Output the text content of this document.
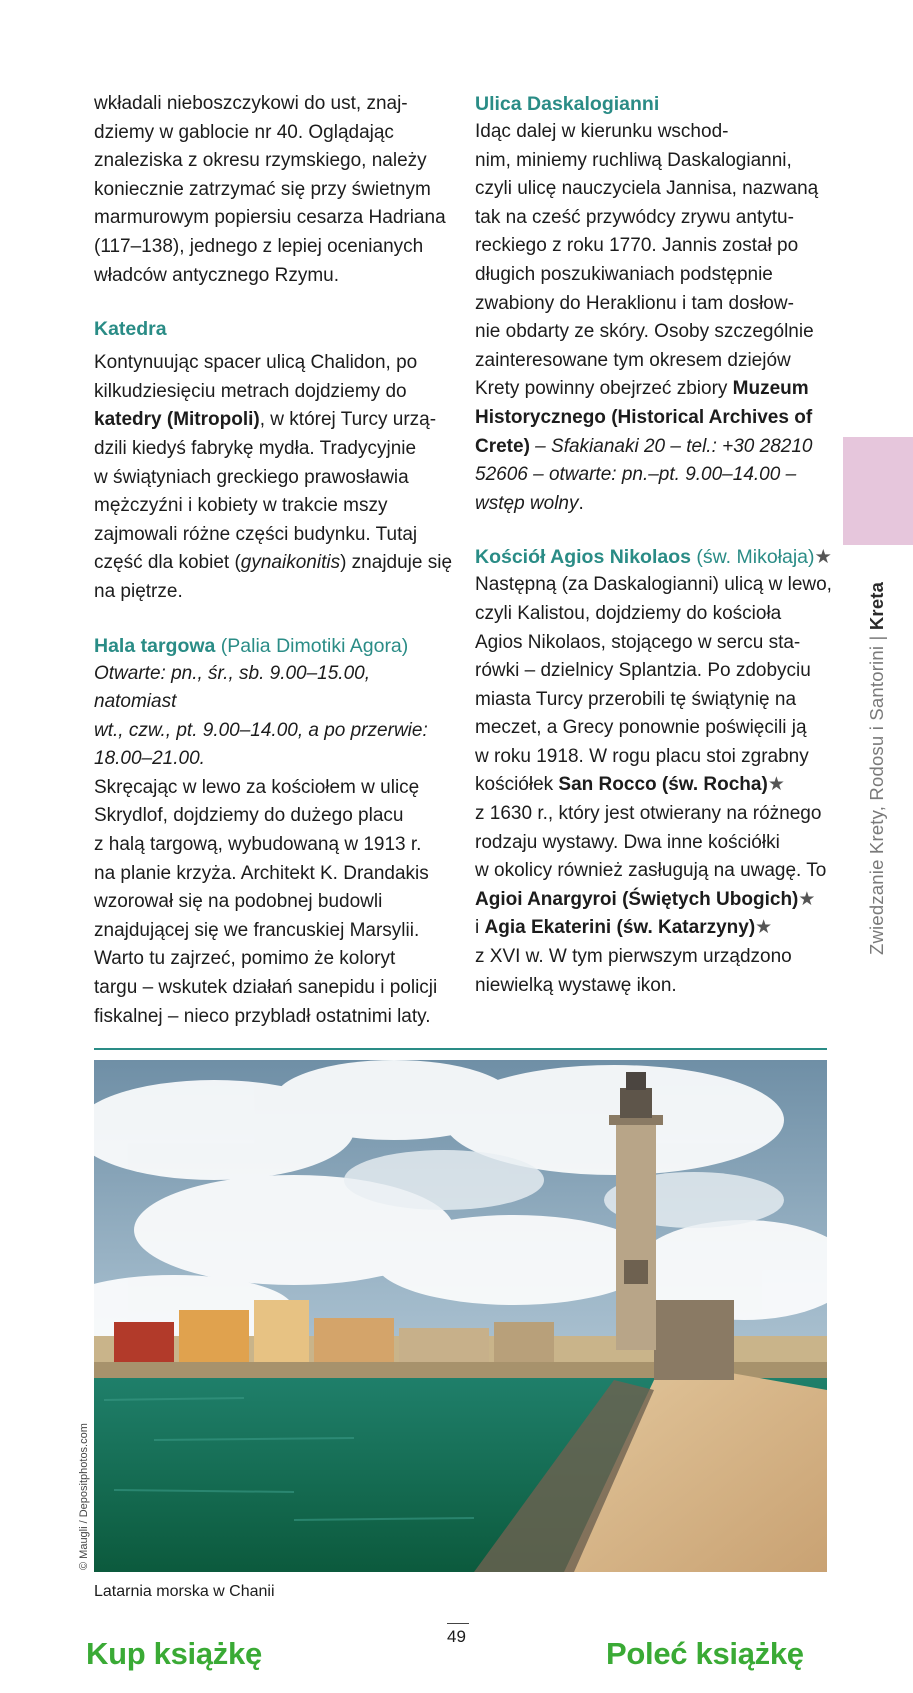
wkładali nieboszczykowi do ust, znaj-

dziemy w gablocie nr 40. Oglądając

znaleziska z okresu rzymskiego, należy

koniecznie zatrzymać się przy świetnym

marmurowym popiersiu cesarza Hadriana

(117–138), jednego z lepiej ocenianych

władców antycznego Rzymu.

Katedra

Kontynuując spacer ulicą Chalidon, po

kilkudziesięciu metrach dojdziemy do

katedry (Mitropoli), w której Turcy urzą-

dzili kiedyś fabrykę mydła. Tradycyjnie

w świątyniach greckiego prawosławia

mężczyźni i kobiety w trakcie mszy

zajmowali różne części budynku. Tutaj

część dla kobiet (gynaikonitis) znajduje się

na piętrze.

Hala targowa (Palia Dimotiki Agora)

Otwarte: pn., śr., sb. 9.00–15.00, natomiast

wt., czw., pt. 9.00–14.00, a po przerwie:

18.00–21.00.

Skręcając w lewo za kościołem w ulicę

Skrydlof, dojdziemy do dużego placu

z halą targową, wybudowaną w 1913 r.

na planie krzyża. Architekt K. Drandakis

wzorował się na podobnej budowli

znajdującej się we francuskiej Marsylii.

Warto tu zajrzeć, pomimo że koloryt

targu – wskutek działań sanepidu i policji

fiskalnej – nieco przybladł ostatnimi laty.

Ulica Daskalogianni

Idąc dalej w kierunku wschod-

nim, miniemy ruchliwą Daskalogianni,

czyli ulicę nauczyciela Jannisa, nazwaną

tak na cześć przywódcy zrywu antytu-

reckiego z roku 1770. Jannis został po

długich poszukiwaniach podstępnie

zwabiony do Heraklionu i tam dosłow-

nie obdarty ze skóry. Osoby szczególnie

zainteresowane tym okresem dziejów

Krety powinny obejrzeć zbiory Muzeum

Historycznego (Historical Archives of

Crete) – Sfakianaki 20 – tel.: +30 28210

52606 – otwarte: pn.–pt. 9.00–14.00 –

wstęp wolny.

Kościół Agios Nikolaos (św. Mikołaja)★

Następną (za Daskalogianni) ulicą w lewo,

czyli Kalistou, dojdziemy do kościoła

Agios Nikolaos, stojącego w sercu sta-

rówki – dzielnicy Splantzia. Po zdobyciu

miasta Turcy przerobili tę świątynię na

meczet, a Grecy ponownie poświęcili ją

w roku 1918. W rogu placu stoi zgrabny

kościółek San Rocco (św. Rocha)★

z 1630 r., który jest otwierany na różnego

rodzaju wystawy. Dwa inne kościółki

w okolicy również zasługują na uwagę. To

Agioi Anargyroi (Świętych Ubogich)★

i Agia Ekaterini (św. Katarzyny)★

z XVI w. W tym pierwszym urządzono

niewielką wystawę ikon.

Zwiedzanie Krety, Rodosu i Santorini | Kreta
© Maugli / Depositphotos.com
Latarnia morska w Chanii
49
Kup książkę	Poleć książkę
